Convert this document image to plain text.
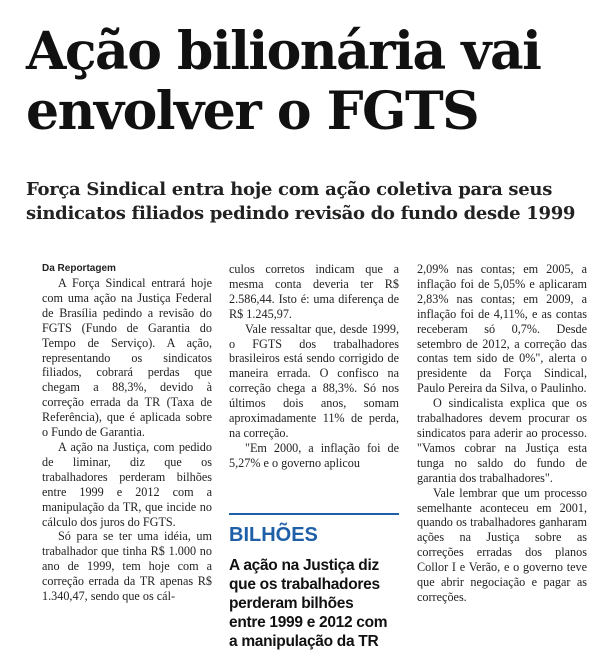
Ação bilionária vai
envolver o FGTS
Força Sindical entra hoje com ação coletiva para seus
sindicatos filiados pedindo revisão do fundo desde 1999

Da Reportagem

A Força Sindical entrará hoje com uma ação na Justiça Federal de Brasília pedindo a revisão do FGTS (Fundo de Garantia do Tempo de Serviço). A ação, representando os sindicatos filiados, cobrará perdas que chegam a 88,3%, devido à correção errada da TR (Taxa de Referência), que é aplicada sobre o Fundo de Garantia.

A ação na Justiça, com pedido de liminar, diz que os trabalhadores perderam bilhões entre 1999 e 2012 com a manipulação da TR, que incide no cálculo dos juros do FGTS.

Só para se ter uma idéia, um trabalhador que tinha R$ 1.000 no ano de 1999, tem hoje com a correção errada da TR apenas R$ 1.340,47, sendo que os cál-

culos corretos indicam que a mesma conta deveria ter R$ 2.586,44. Isto é: uma diferença de R$ 1.245,97.

Vale ressaltar que, desde 1999, o FGTS dos trabalhadores brasileiros está sendo corrigido de maneira errada. O confisco na correção chega a 88,3%. Só nos últimos dois anos, somam aproximadamente 11% de perda, na correção.

"Em 2000, a inflação foi de 5,27% e o governo aplicou

BILHÕES

A ação na Justiça diz
que os trabalhadores
perderam bilhões
entre 1999 e 2012 com
a manipulação da TR

2,09% nas contas; em 2005, a inflação foi de 5,05% e aplicaram 2,83% nas contas; em 2009, a inflação foi de 4,11%, e as contas receberam só 0,7%. Desde setembro de 2012, a correção das contas tem sido de 0%", alerta o presidente da Força Sindical, Paulo Pereira da Silva, o Paulinho.

O sindicalista explica que os trabalhadores devem procurar os sindicatos para aderir ao processo. "Vamos cobrar na Justiça esta tunga no saldo do fundo de garantia dos trabalhadores".

Vale lembrar que um processo semelhante aconteceu em 2001, quando os trabalhadores ganharam ações na Justiça sobre as correções erradas dos planos Collor I e Verão, e o governo teve que abrir negociação e pagar as correções.
